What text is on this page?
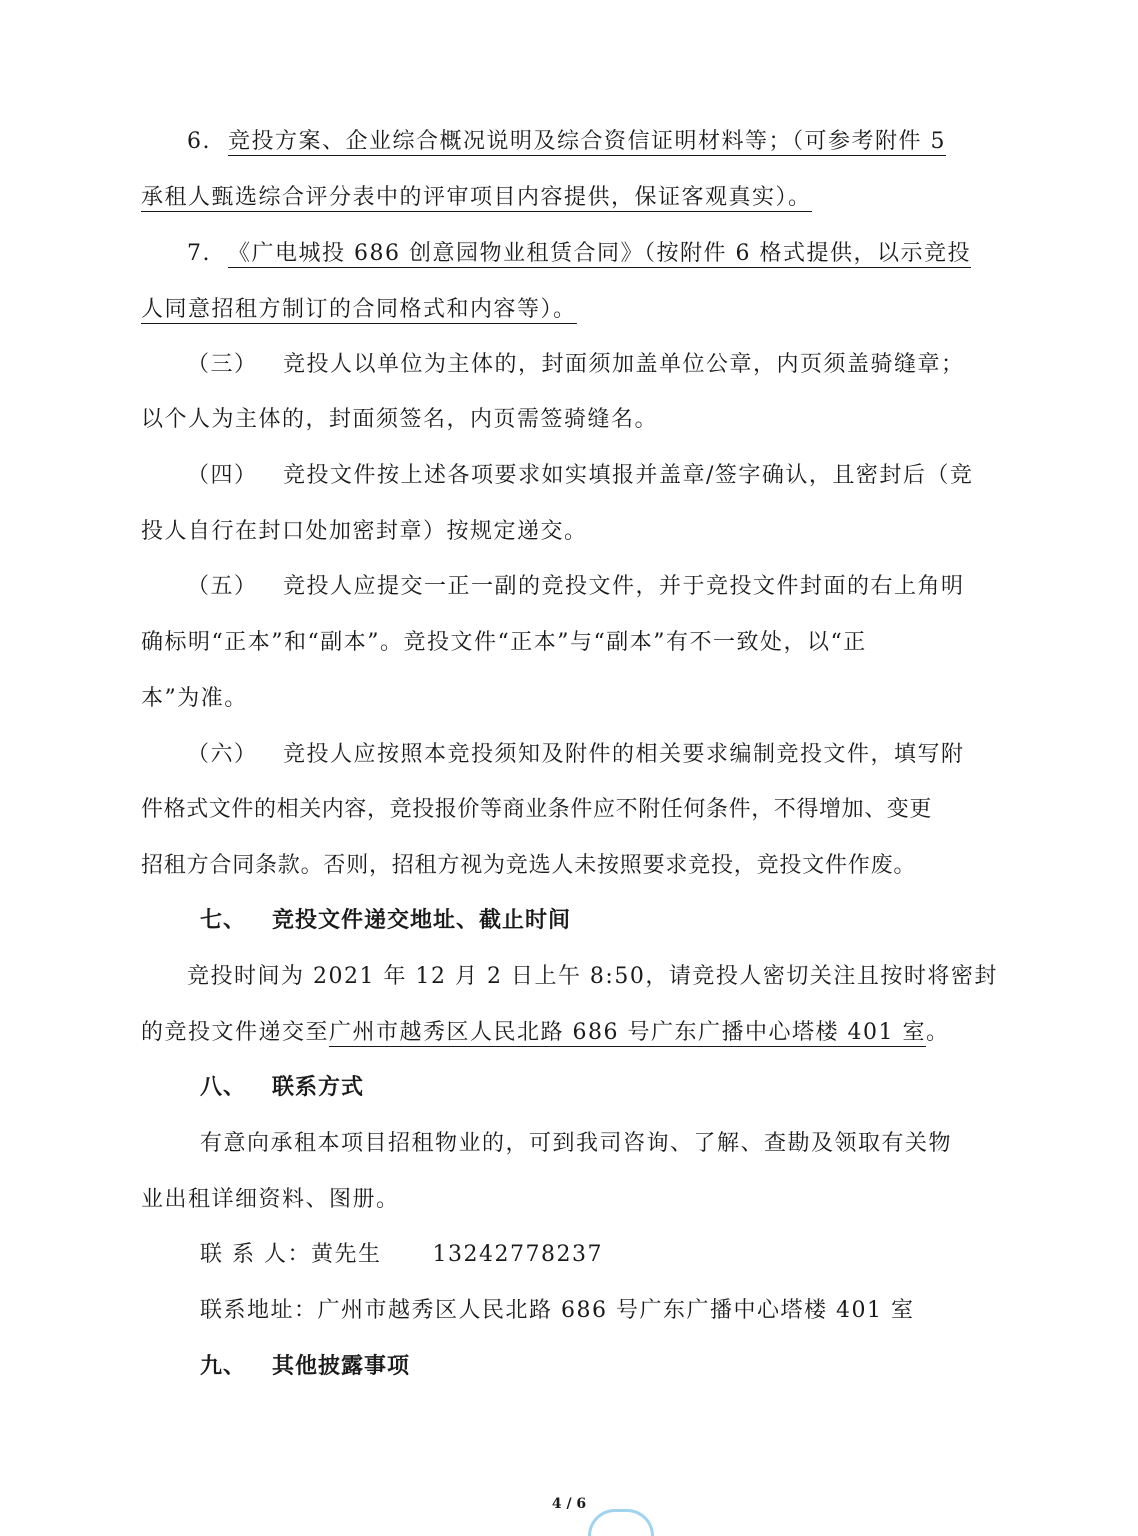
6. 竞投方案、企业综合概况说明及综合资信证明材料等；（可参考附件 5
承租人甄选综合评分表中的评审项目内容提供，保证客观真实）。
7. 《广电城投 686 创意园物业租赁合同》（按附件 6 格式提供，以示竞投
人同意招租方制订的合同格式和内容等）。
（三） 竞投人以单位为主体的，封面须加盖单位公章，内页须盖骑缝章；
以个人为主体的，封面须签名，内页需签骑缝名。
（四） 竞投文件按上述各项要求如实填报并盖章/签字确认，且密封后（竞
投人自行在封口处加密封章）按规定递交。
（五） 竞投人应提交一正一副的竞投文件，并于竞投文件封面的右上角明
确标明“正本”和“副本”。竞投文件“正本”与“副本”有不一致处，以“正
本”为准。
（六） 竞投人应按照本竞投须知及附件的相关要求编制竞投文件，填写附
件格式文件的相关内容，竞投报价等商业条件应不附任何条件，不得增加、变更
招租方合同条款。否则，招租方视为竞选人未按照要求竞投，竞投文件作废。
七、 竞投文件递交地址、截止时间
竞投时间为 2021 年 12 月 2 日上午 8:50，请竞投人密切关注且按时将密封
的竞投文件递交至广州市越秀区人民北路 686 号广东广播中心塔楼 401 室。
八、 联系方式
有意向承租本项目招租物业的，可到我司咨询、了解、查勘及领取有关物
业出租详细资料、图册。
联 系 人：黄先生 13242778237
联系地址：广州市越秀区人民北路 686 号广东广播中心塔楼 401 室
九、 其他披露事项
4 / 6
